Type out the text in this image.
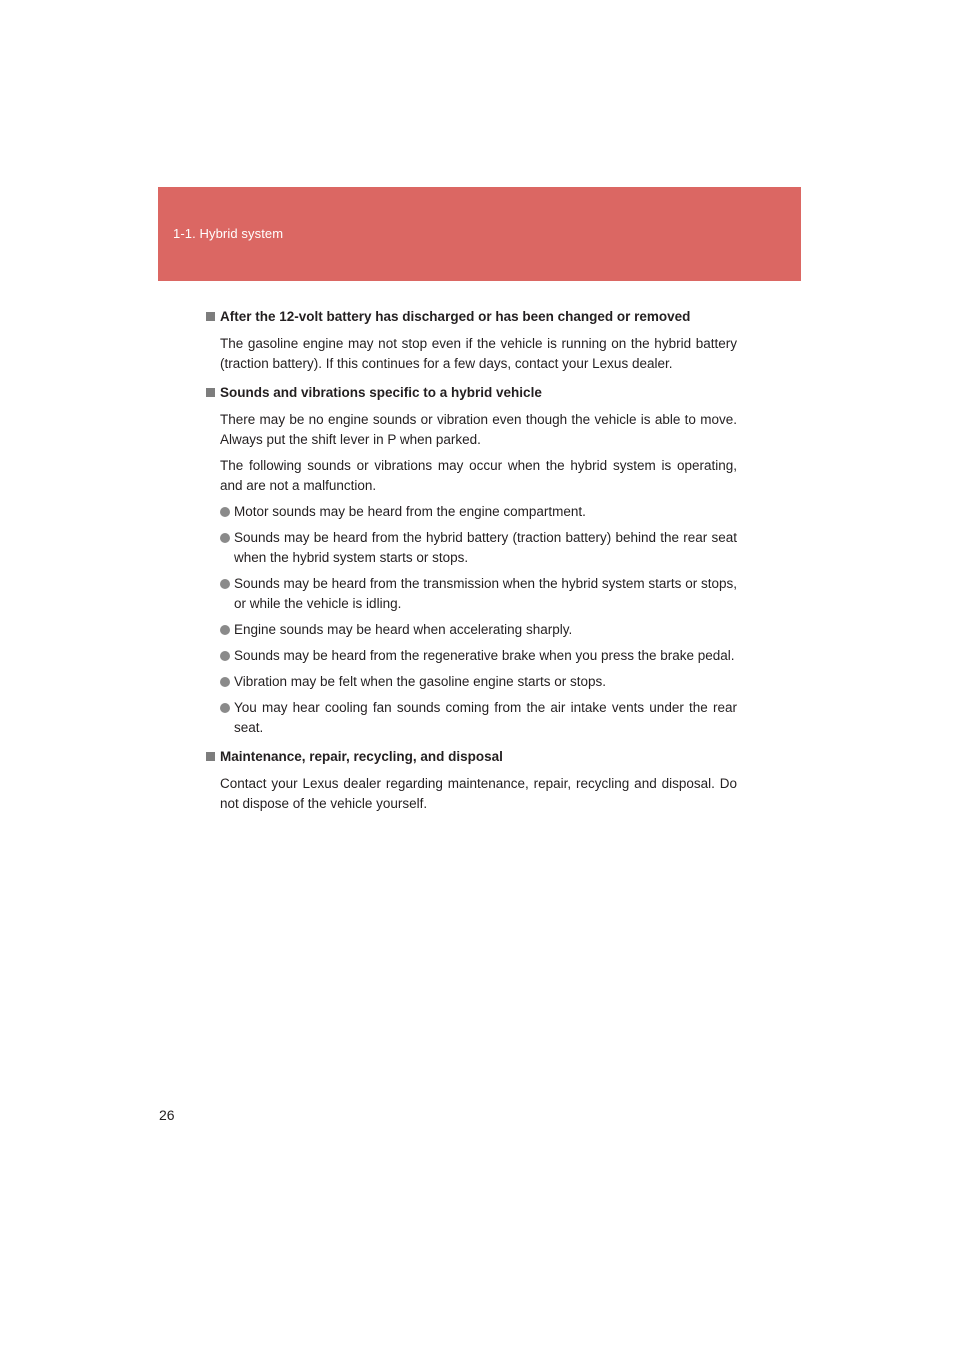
1-1. Hybrid system
After the 12-volt battery has discharged or has been changed or removed

The gasoline engine may not stop even if the vehicle is running on the hybrid battery (traction battery). If this continues for a few days, contact your Lexus dealer.

Sounds and vibrations specific to a hybrid vehicle

There may be no engine sounds or vibration even though the vehicle is able to move. Always put the shift lever in P when parked.

The following sounds or vibrations may occur when the hybrid system is operating, and are not a malfunction.

Motor sounds may be heard from the engine compartment.
Sounds may be heard from the hybrid battery (traction battery) behind the rear seat when the hybrid system starts or stops.
Sounds may be heard from the transmission when the hybrid system starts or stops, or while the vehicle is idling.
Engine sounds may be heard when accelerating sharply.
Sounds may be heard from the regenerative brake when you press the brake pedal.
Vibration may be felt when the gasoline engine starts or stops.
You may hear cooling fan sounds coming from the air intake vents under the rear seat.
Maintenance, repair, recycling, and disposal

Contact your Lexus dealer regarding maintenance, repair, recycling and disposal. Do not dispose of the vehicle yourself.

26
